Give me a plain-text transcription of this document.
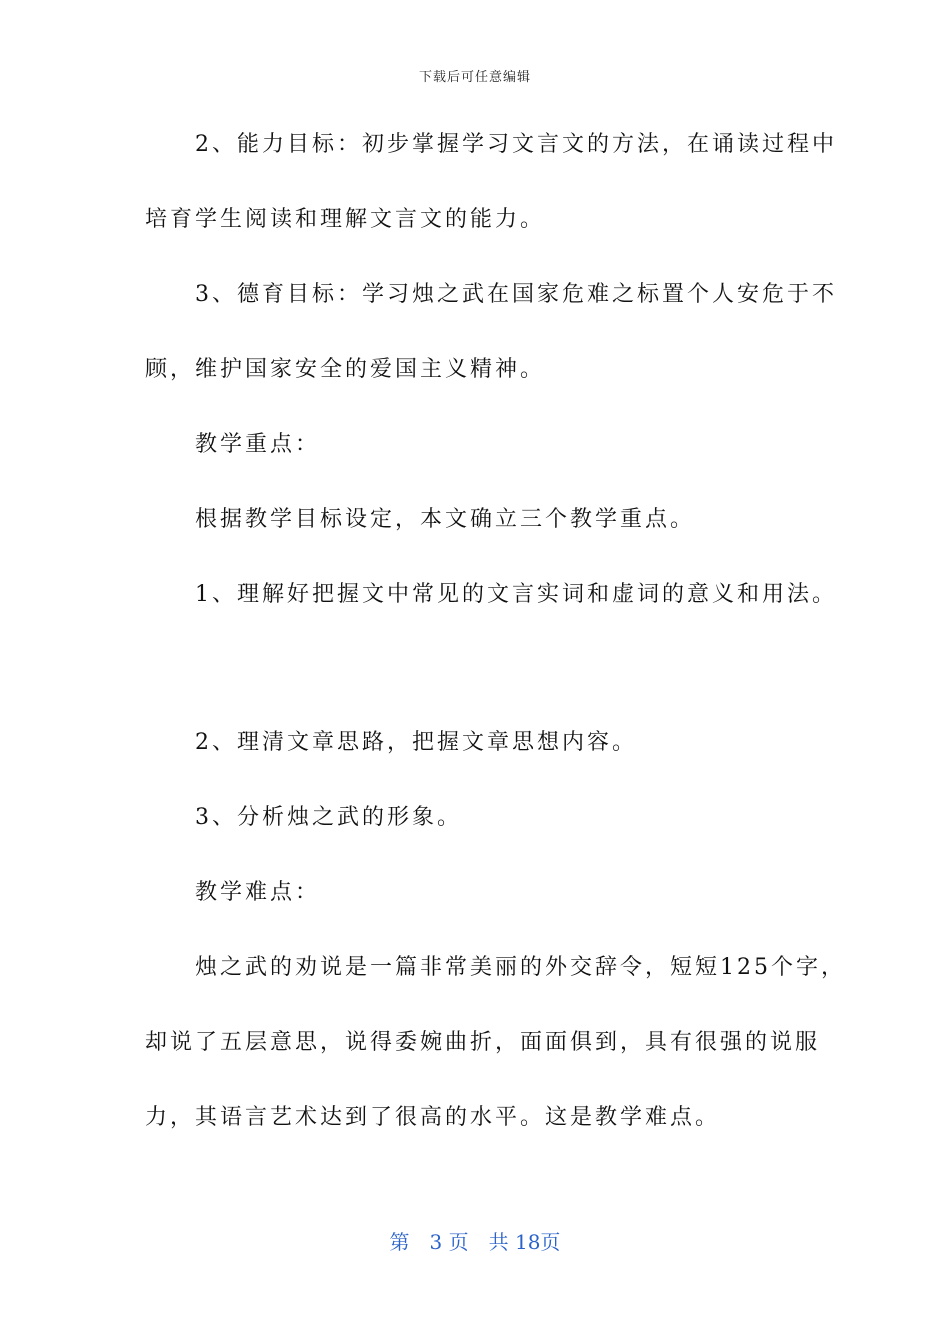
下载后可任意编辑
　　2、能力目标：初步掌握学习文言文的方法，在诵读过程中
培育学生阅读和理解文言文的能力。
　　3、德育目标：学习烛之武在国家危难之标置个人安危于不
顾，维护国家安全的爱国主义精神。
　　教学重点：
　　根据教学目标设定，本文确立三个教学重点。
　　1、理解好把握文中常见的文言实词和虚词的意义和用法。
　　2、理清文章思路，把握文章思想内容。
　　3、分析烛之武的形象。
　　教学难点：
　　烛之武的劝说是一篇非常美丽的外交辞令，短短125个字，
却说了五层意思，说得委婉曲折，面面俱到，具有很强的说服
力，其语言艺术达到了很高的水平。这是教学难点。
第　3 页　共 18页
